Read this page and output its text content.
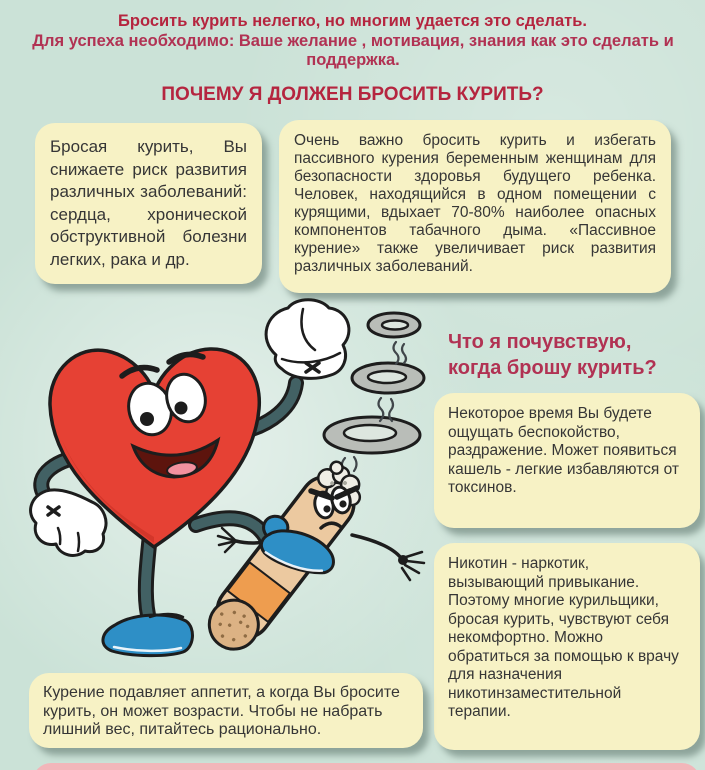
Бросить курить нелегко, но многим удается это сделать.

Для успеха необходимо: Ваше желание , мотивация, знания как это сделать и поддержка.

ПОЧЕМУ Я ДОЛЖЕН БРОСИТЬ КУРИТЬ?

Бросая курить, Вы снижаете риск развития различных заболеваний: сердца, хронической обструктивной болезни легких, рака и др.

Очень важно бросить курить и избегать пассивного курения беременным женщинам для безопасности здоровья будущего ребенка. Человек, находящийся в одном помещении с курящими, вдыхает 70-80% наиболее опасных компонентов табачного дыма. «Пассивное курение» также увеличивает риск развития различных заболеваний.

Что я почувствую,
когда брошу курить?

Некоторое время Вы будете ощущать беспокойство, раздражение. Может появиться кашель - легкие избавляются от токсинов.

Никотин - наркотик, вызывающий привыкание. Поэтому многие курильщики, бросая курить, чувствуют себя некомфортно. Можно обратиться за помощью к врачу для назначения никотинзаместительной терапии.

Курение подавляет аппетит, а когда Вы бросите курить, он может возрасти. Чтобы не набрать лишний вес, питайтесь рационально.
